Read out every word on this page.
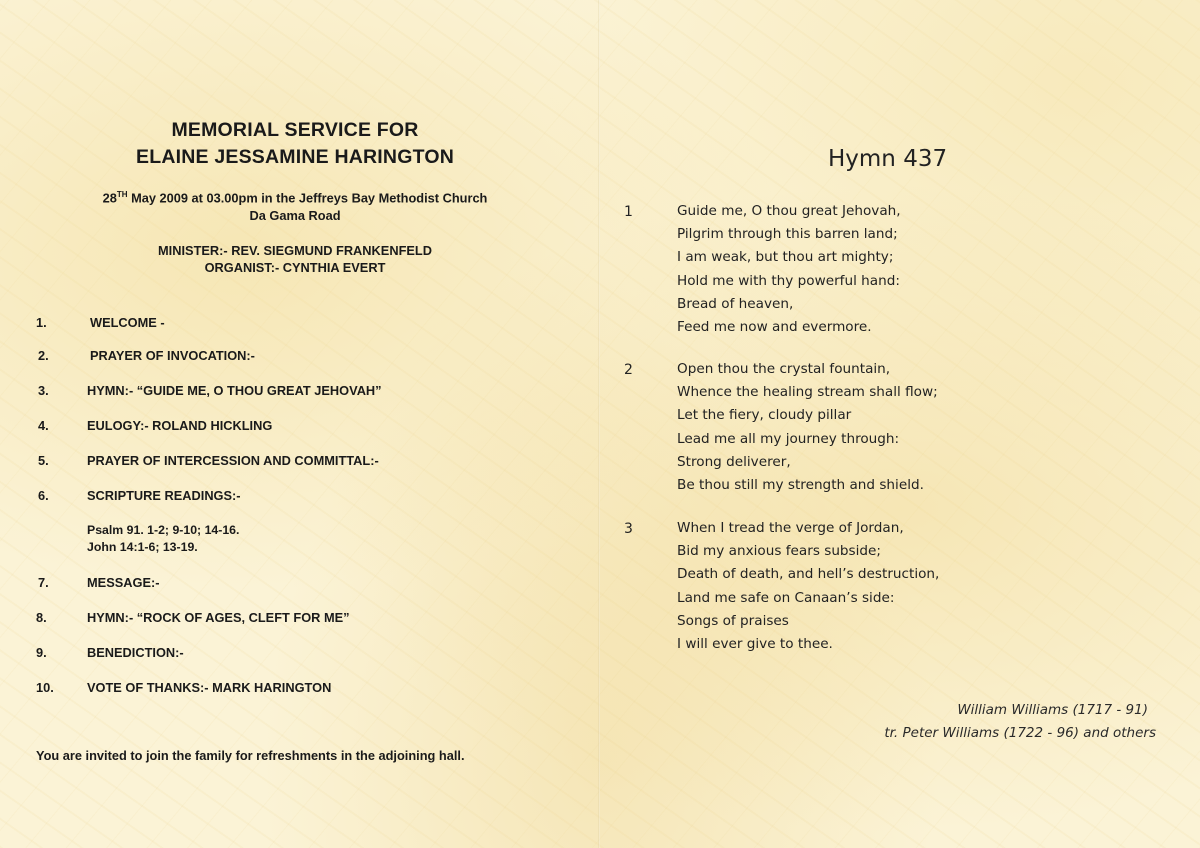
MEMORIAL SERVICE FOR
ELAINE JESSAMINE HARINGTON
28TH May 2009 at 03.00pm in the Jeffreys Bay Methodist Church
Da Gama Road
MINISTER:- REV. SIEGMUND FRANKENFELD
ORGANIST:- CYNTHIA EVERT
1.	WELCOME -
2.	PRAYER OF INVOCATION:-
3.	HYMN:- “GUIDE ME, O THOU GREAT JEHOVAH”
4.	EULOGY:- ROLAND HICKLING
5.	PRAYER OF INTERCESSION AND COMMITTAL:-
6.	SCRIPTURE READINGS:-
Psalm 91. 1-2; 9-10; 14-16.
John 14:1-6; 13-19.
7.	MESSAGE:-
8.	HYMN:- “ROCK OF AGES, CLEFT FOR ME”
9.	BENEDICTION:-
10.	VOTE OF THANKS:- MARK HARINGTON
You are invited to join the family for refreshments in the adjoining hall.
Hymn 437
1	Guide me, O thou great Jehovah,
Pilgrim through this barren land;
I am weak, but thou art mighty;
Hold me with thy powerful hand:
Bread of heaven,
Feed me now and evermore.
2	Open thou the crystal fountain,
Whence the healing stream shall flow;
Let the fiery, cloudy pillar
Lead me all my journey through:
Strong deliverer,
Be thou still my strength and shield.
3	When I tread the verge of Jordan,
Bid my anxious fears subside;
Death of death, and hell’s destruction,
Land me safe on Canaan’s side:
Songs of praises
I will ever give to thee.
William Williams (1717 - 91)
tr. Peter Williams (1722 - 96) and others
